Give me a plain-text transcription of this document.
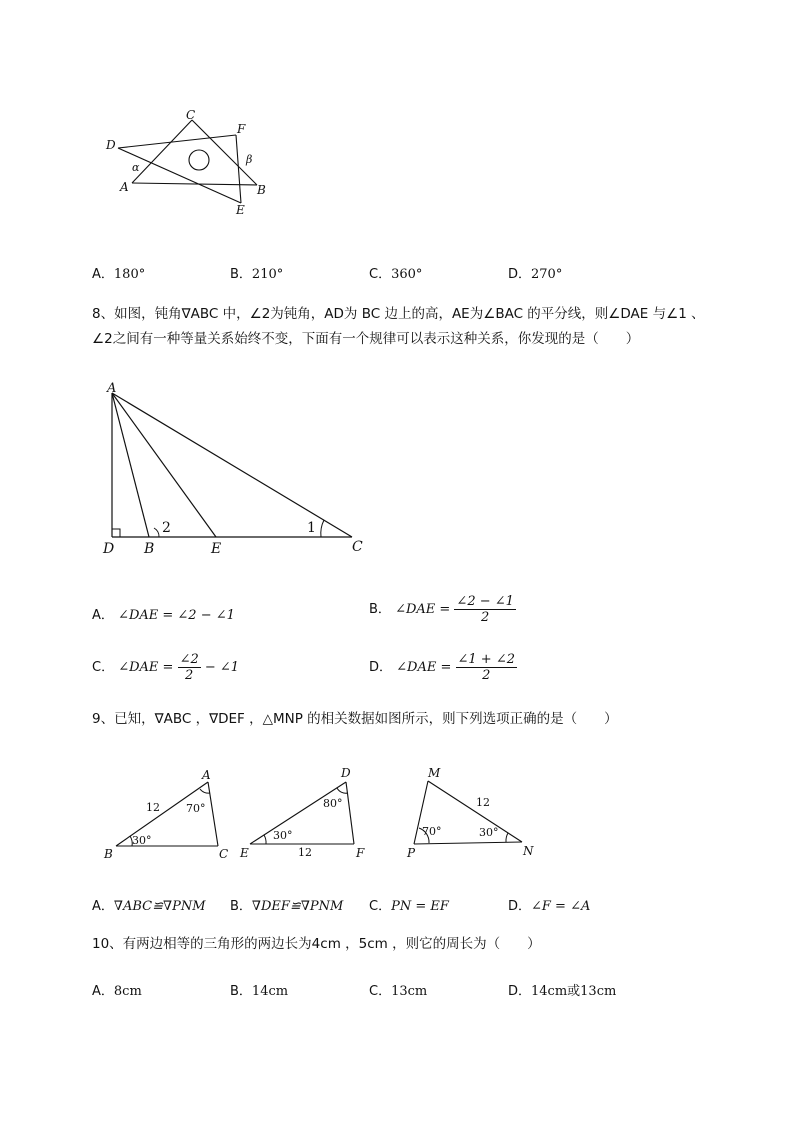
D
C
F
A	B
E
α
β
A．180°	B．210°	C．360°	D．270°
8、如图，钝角∇ABC 中，∠2为钝角，AD为 BC 边上的高，AE为∠BAC 的平分线，则∠DAE 与∠1 、
∠2之间有一种等量关系始终不变，下面有一个规律可以表示这种关系，你发现的是（　　）
A
D B	E	C
1
2
A． ∠DAE = ∠2 − ∠1	B． ∠DAE = $\frac{\angle 2 - \angle 1}{2}$
C． ∠DAE = $\frac{\angle 2}{2}$ − ∠1	D． ∠DAE = $\frac{\angle 1 + \angle 2}{2}$
9、已知，∇ABC ，∇DEF ，△MNP 的相关数据如图所示，则下列选项正确的是（　　）
A
B	C
D
E	F
M
P	N
12 70°
30°
80°
30°
12
12
70°	30°
A．∇ABC≌∇PNM B．∇DEF≌∇PNM C．PN = EF	D．∠F = ∠A
10、有两边相等的三角形的两边长为4cm ，5cm ，则它的周长为（　　）
A．8cm	B．14cm	C．13cm	D．14cm或13cm
